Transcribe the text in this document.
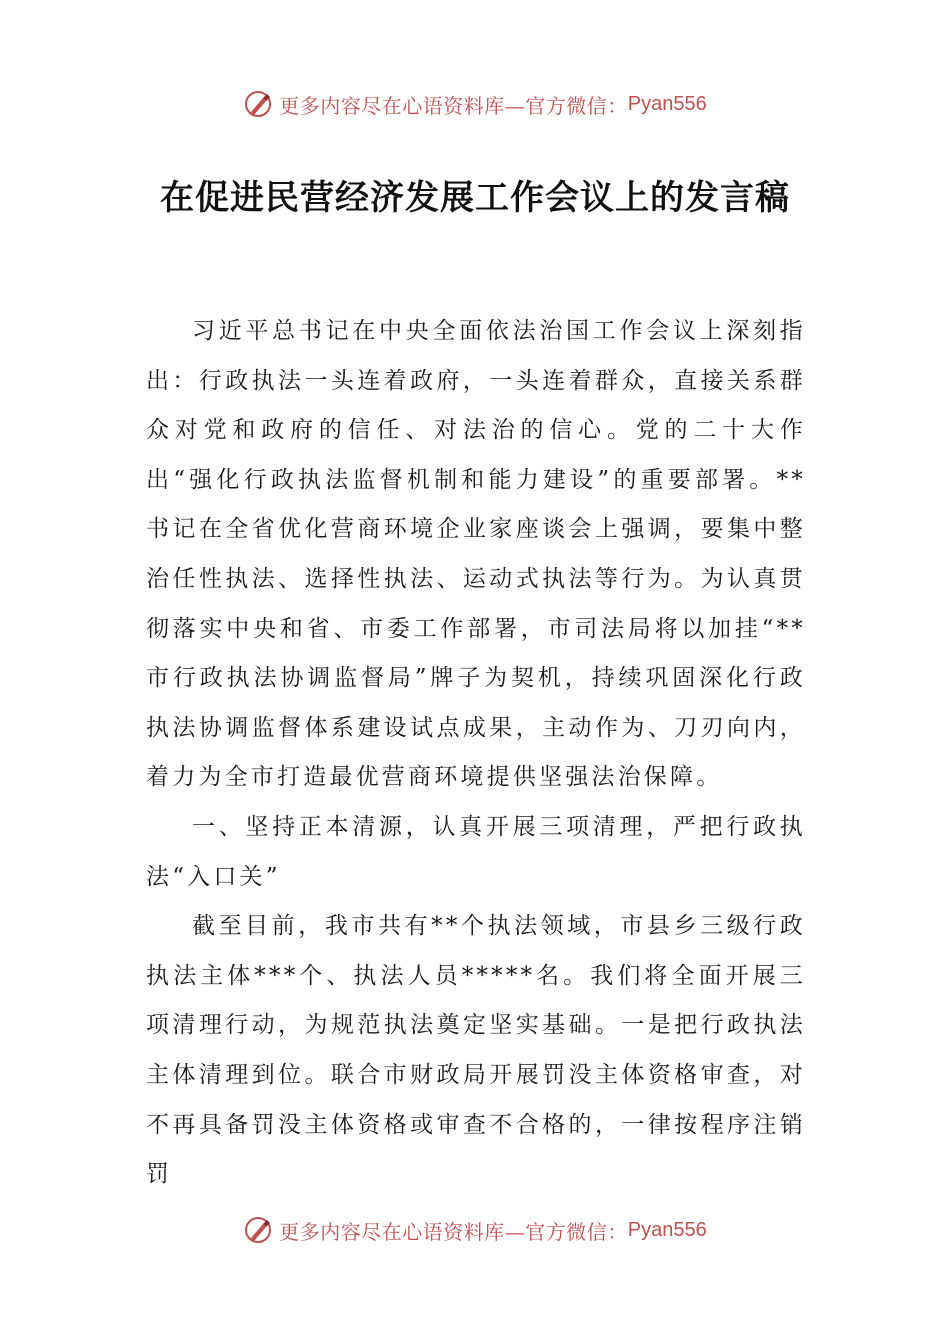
更多内容尽在心语资料库—官方微信： Pyan556
在促进民营经济发展工作会议上的发言稿

习近平总书记在中央全面依法治国工作会议上深刻指出：行政执法一头连着政府，一头连着群众，直接关系群众对党和政府的信任、对法治的信心。党的二十大作出“强化行政执法监督机制和能力建设”的重要部署。**书记在全省优化营商环境企业家座谈会上强调，要集中整治任性执法、选择性执法、运动式执法等行为。为认真贯彻落实中央和省、市委工作部署，市司法局将以加挂“**市行政执法协调监督局”牌子为契机，持续巩固深化行政执法协调监督体系建设试点成果，主动作为、刀刃向内，着力为全市打造最优营商环境提供坚强法治保障。

一、坚持正本清源，认真开展三项清理，严把行政执法“入口关”

截至目前，我市共有**个执法领域，市县乡三级行政执法主体***个、执法人员*****名。我们将全面开展三项清理行动，为规范执法奠定坚实基础。一是把行政执法主体清理到位。联合市财政局开展罚没主体资格审查，对不再具备罚没主体资格或审查不合格的，一律按程序注销罚

更多内容尽在心语资料库—官方微信： Pyan556
